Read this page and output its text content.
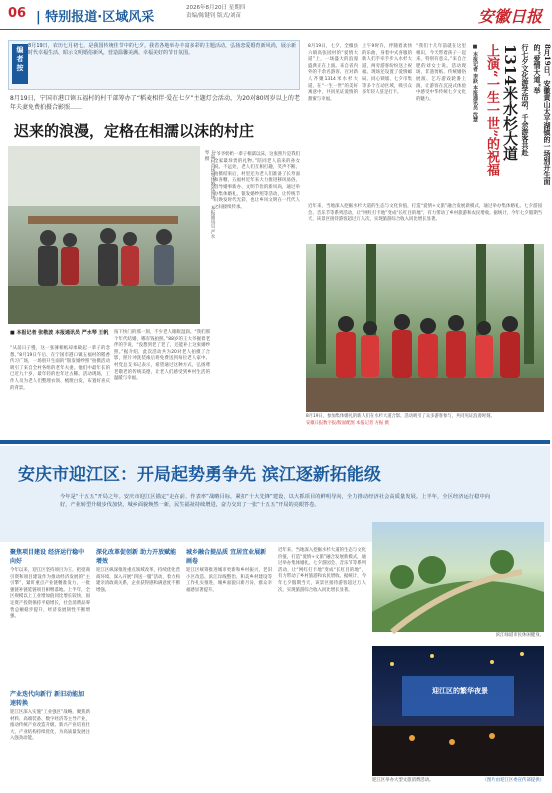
06 | 特别报道·区域风采
2026年8月20日 星期四
责编/陈键钊 版式/刘苗	安徽日报
编者按 8月19日，农历七月初七，是我国传统佳节中的七夕。我省各地举办丰富多彩的主题活动，弘扬恋爱婚育新风尚，展示新时代幸福生活、昭示文明婚俗新风，营造温馨美满、幸福美好的节日氛围。
8月19日，宁国市港口镇五福村的村干部筹办了“稻麦相伴·爱在七夕”主题灯会活动，为20对80周岁以上的老年夫妻免费拍摄合影照……
迟来的浪漫，定格在相濡以沫的村庄
五福村首场集体婚礼现场。 本报通讯员 严水琴 摄
■ 本报记者 张敬波 本报通讯员 严水琴 王帆
“从前日子慢，这一张薄相纸却承载起一辈子的念想。”8月19日午后，在宁国市港口镇五福村的稻香传习广场，一场别开生面的“银发婚纱照”拍摄活动吸引了来自全村各组的老年夫妻。他们中最年长的已近九十岁，最年轻的也年过古稀。活动现场，工作人员为老人们整理衣领、梳理白发，布置好喜庆的背景。
按下快门的那一刻，不少老人眼眶湿润。“我们那个年代结婚，哪有钱拍照。”88岁的王大爷握着老伴的手说，“没想到老了老了，还能补上这张婚纱照。”据介绍，此次活动共为20对老人拍摄了合影，照片冲洗装裱后将免费送到每位老人家中。村党总支书记表示，希望通过这种方式，弘扬尊老敬老的传统美德，让老人们感受到乡村生活的温暖与幸福。
“爷爷奶奶一辈子相濡以沫，这张照片是我们全家最珍贵的礼物。”陪同老人前来的孙女说。不远处，老人们互相打趣，笑声不断。拍摄结束后，村里还为老人们准备了长寿面和喜糖。五福村近年来大力推进移风易俗，倡导婚事新办、文明节俭的新风尚，通过举办集体婚礼、银发婚纱照等活动，让传统节日焕发时代光彩，也让乡风文明在一代代人之间接续传承。
8月19日，七夕，全椒县六镇高张园村的“爱情大道”上，一场盛大的浪漫盛典正在上演。来自省内外的千余名游客、百对新人齐聚1314米水杉大道，在“一生一世”的美好寓意中，共同见证爱情的甜蜜与幸福。
上午9时许，伴随着欢快的乐曲，身着中式喜服的新人们手牵手步入水杉大道，两旁游客纷纷送上祝福。现场还设置了爱情邮局、同心锁墙、七夕市集等多个互动区域，吸引众多年轻人驻足打卡。
“我们十几年前就在这里相识，今天带着孩子一起来，特别有意义。”来自合肥的刘女士说。活动现场，非遗剪纸、传统婚俗展演、乞巧游戏轮番上演，让游客在沉浸式体验中感受中华传统七夕文化的魅力。	■ 本报记者 李跃 本报通讯员 沈慧 上演“一生一世”的祝福 1314米水杉大道 行七夕文化游学活动，千余游客共赴	8月19日，安徽黄山太平湖镇的一场别开生面的“爱情大道”举
近年来，当地深入挖掘水杉大道的生态与文化价值，打造“爱情+文旅”融合发展新模式，通过举办集体婚礼、七夕游园会、音乐节等系列活动，让“网红打卡地”变成“长红目的地”，有力带动了乡村旅游和农民增收。据统计，今年七夕假期当天，该景区接待游客超过万人次，实现旅游综合收入同比增长显著。
8月19日，参加集体婚礼的新人们在水杉大道合影。活动吸引了众多游客参与，共同见证浪漫时刻。
安徽日报数字报/版面配图 本报记者 方振 摄
安庆市迎江区：开局起势勇争先 滨江逐新拓能级
今年是“十五五”开局之年。安庆市迎江区锚定“走在前、作表率”战略目标，紧扣“十大先锋”建设，以大抓项目的鲜明导向，全力推动经济社会高质量发展。上半年，全区经济运行稳中向好，产业转型升级步伐加快，城乡面貌焕然一新，民生福祉持续增进，奋力交出了一张“十五五”开局的亮眼答卷。
滨江绿道市民休闲健身。
聚焦项目建设 经济运行稳中向好
今年以来，迎江区坚持项目为王，把招商引资和项目建设作为推动经济发展的“主引擎”，紧盯重点产业链精准发力，一批强链补链延链项目相继落地。上半年，全区规模以上工业增加值同比增长较快，固定资产投资保持平稳增长，社会消费品零售总额稳步提升，经济发展韧性不断增强。
产业迭代向新行 新旧动能加速转换
迎江区深入实施“工业强区”战略，聚焦新材料、高端装备、数字经济等主导产业，推动传统产业改造升级、新兴产业培育壮大，产业结构持续优化，为高质量发展注入强劲动能。
深化改革促创新 助力开放赋能增效
迎江区纵深推进重点领域改革，持续优化营商环境，深入开展“四送一服”活动，着力构建亲清政商关系，企业获得感和满意度不断增强。
城乡融合提品质 宜居宜业展新画卷
迎江区统筹推进城市更新和乡村振兴，老旧小区改造、滨江岸线整治、和美乡村建设等工作扎实推进，城乡面貌日新月异，群众幸福感显著提升。
近年来，当地深入挖掘水杉大道的生态与文化价值，打造“爱情+文旅”融合发展新模式，通过举办集体婚礼、七夕游园会、音乐节等系列活动，让“网红打卡地”变成“长红目的地”，有力带动了乡村旅游和农民增收。据统计，今年七夕假期当天，该景区接待游客超过万人次，实现旅游综合收入同比增长显著。
迎江区的繁华夜景
迎江区举办大型文旅消费活动。	（图片由迎江区委宣传部提供）
